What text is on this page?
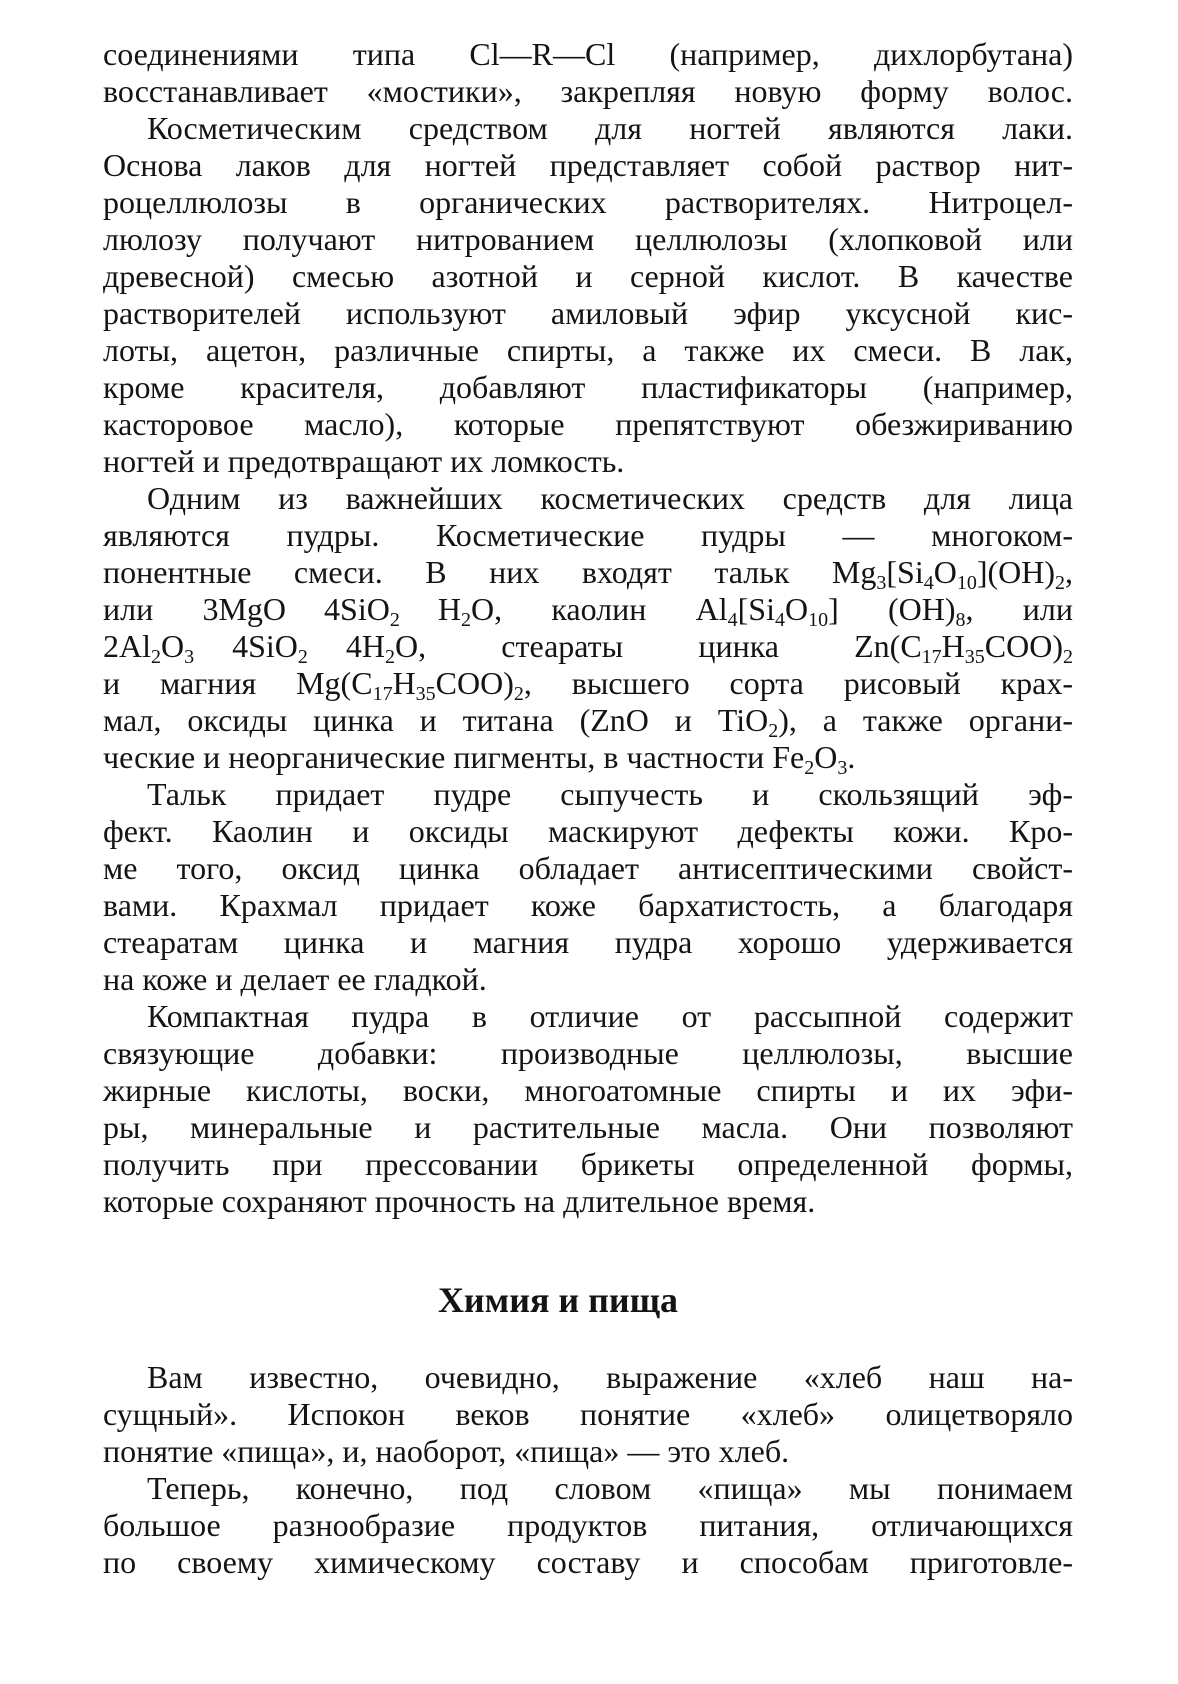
соединениями типа Cl—R—Cl (например, дихлорбутана)

восстанавливает «мостики», закрепляя новую форму волос.

Косметическим средством для ногтей являются лаки.

Основа лаков для ногтей представляет собой раствор нит-

роцеллюлозы в органических растворителях. Нитроцел-

люлозу получают нитрованием целлюлозы (хлопковой или

древесной) смесью азотной и серной кислот. В качестве

растворителей используют амиловый эфир уксусной кис-

лоты, ацетон, различные спирты, а также их смеси. В лак,

кроме красителя, добавляют пластификаторы (например,

касторовое масло), которые препятствуют обезжириванию

ногтей и предотвращают их ломкость.

Одним из важнейших косметических средств для лица

являются пудры. Косметические пудры — многоком-

понентные смеси. В них входят тальк $Mg_3[Si_4O_{10}](OH)_2$,

или 3MgO 4SiO$_2$ $H_2O$, каолин $Al_4[Si_4O_{10}]$ $(OH)_8$, или

$2Al_2O_3$ 4SiO$_2$ $4H_2O$, стеараты цинка $Zn(C_{17}H_{35}COO)_2$

и магния $Mg(C_{17}H_{35}COO)_2$, высшего сорта рисовый крах-

мал, оксиды цинка и титана (ZnO и TiO$_2$), а также органи-

ческие и неорганические пигменты, в частности $Fe_2O_3$.

Тальк придает пудре сыпучесть и скользящий эф-

фект. Каолин и оксиды маскируют дефекты кожи. Кро-

ме того, оксид цинка обладает антисептическими свойст-

вами. Крахмал придает коже бархатистость, а благодаря

стеаратам цинка и магния пудра хорошо удерживается

на коже и делает ее гладкой.

Компактная пудра в отличие от рассыпной содержит

связующие добавки: производные целлюлозы, высшие

жирные кислоты, воски, многоатомные спирты и их эфи-

ры, минеральные и растительные масла. Они позволяют

получить при прессовании брикеты определенной формы,

которые сохраняют прочность на длительное время.

Химия и пища

Вам известно, очевидно, выражение «хлеб наш на-

сущный». Испокон веков понятие «хлеб» олицетворяло

понятие «пища», и, наоборот, «пища» — это хлеб.

Теперь, конечно, под словом «пища» мы понимаем

большое разнообразие продуктов питания, отличающихся

по своему химическому составу и способам приготовле-
